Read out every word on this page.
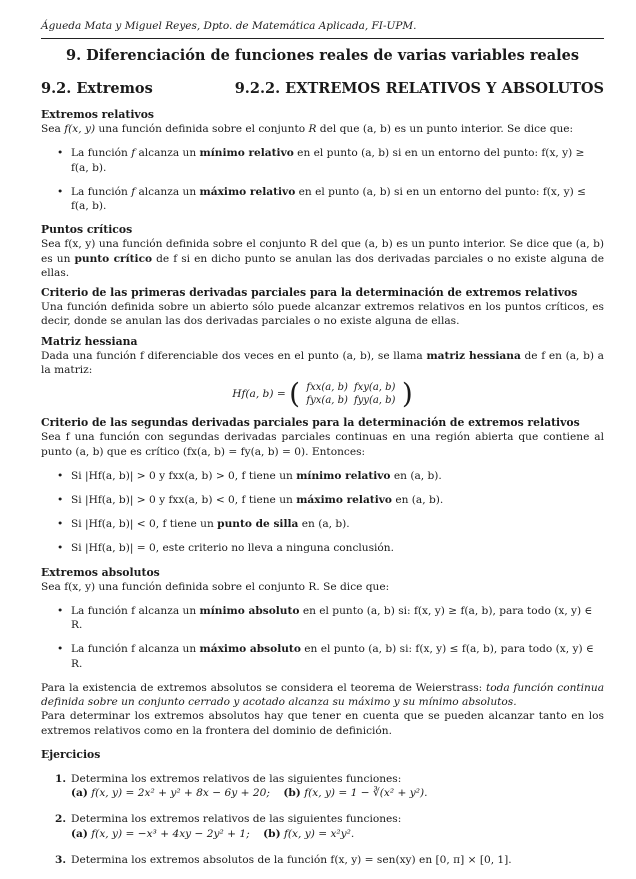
Águeda Mata y Miguel Reyes, Dpto. de Matemática Aplicada, FI-UPM.
9. Diferenciación de funciones reales de varias variables reales
9.2. Extremos	9.2.2. EXTREMOS RELATIVOS Y ABSOLUTOS
Extremos relativos

Sea f(x, y) una función definida sobre el conjunto R del que (a, b) es un punto interior. Se dice que:

• La función f alcanza un mínimo relativo en el punto (a, b) si en un entorno del punto: f(x, y) ≥ f(a, b).
• La función f alcanza un máximo relativo en el punto (a, b) si en un entorno del punto: f(x, y) ≤ f(a, b).
Puntos críticos

Sea f(x, y) una función definida sobre el conjunto R del que (a, b) es un punto interior. Se dice que (a, b) es un punto crítico de f si en dicho punto se anulan las dos derivadas parciales o no existe alguna de ellas.

Criterio de las primeras derivadas parciales para la determinación de extremos relativos

Una función definida sobre un abierto sólo puede alcanzar extremos relativos en los puntos críticos, es decir, donde se anulan las dos derivadas parciales o no existe alguna de ellas.

Matriz hessiana

Dada una función f diferenciable dos veces en el punto (a, b), se llama matriz hessiana de f en (a, b) a la matriz:

Hf(a, b) = ( fxx(a, b)	fxy(a, b)
fyx(a, b)	fyy(a, b) )
Criterio de las segundas derivadas parciales para la determinación de extremos relativos

Sea f una función con segundas derivadas parciales continuas en una región abierta que contiene al punto (a, b) que es crítico (fx(a, b) = fy(a, b) = 0). Entonces:

• Si |Hf(a, b)| > 0 y fxx(a, b) > 0, f tiene un mínimo relativo en (a, b).
• Si |Hf(a, b)| > 0 y fxx(a, b) < 0, f tiene un máximo relativo en (a, b).
• Si |Hf(a, b)| < 0, f tiene un punto de silla en (a, b).
• Si |Hf(a, b)| = 0, este criterio no lleva a ninguna conclusión.
Extremos absolutos

Sea f(x, y) una función definida sobre el conjunto R. Se dice que:

• La función f alcanza un mínimo absoluto en el punto (a, b) si: f(x, y) ≥ f(a, b), para todo (x, y) ∈ R.
• La función f alcanza un máximo absoluto en el punto (a, b) si: f(x, y) ≤ f(a, b), para todo (x, y) ∈ R.

Para la existencia de extremos absolutos se considera el teorema de Weierstrass: toda función continua definida sobre un conjunto cerrado y acotado alcanza su máximo y su mínimo absolutos.

Para determinar los extremos absolutos hay que tener en cuenta que se pueden alcanzar tanto en los extremos relativos como en la frontera del dominio de definición.

Ejercicios
1. Determina los extremos relativos de las siguientes funciones:
(a) f(x, y) = 2x² + y² + 8x − 6y + 20; (b) f(x, y) = 1 − ∛(x² + y²).
2. Determina los extremos relativos de las siguientes funciones:
(a) f(x, y) = −x³ + 4xy − 2y² + 1; (b) f(x, y) = x²y².
3. Determina los extremos absolutos de la función f(x, y) = sen(xy) en [0, π] × [0, 1].
